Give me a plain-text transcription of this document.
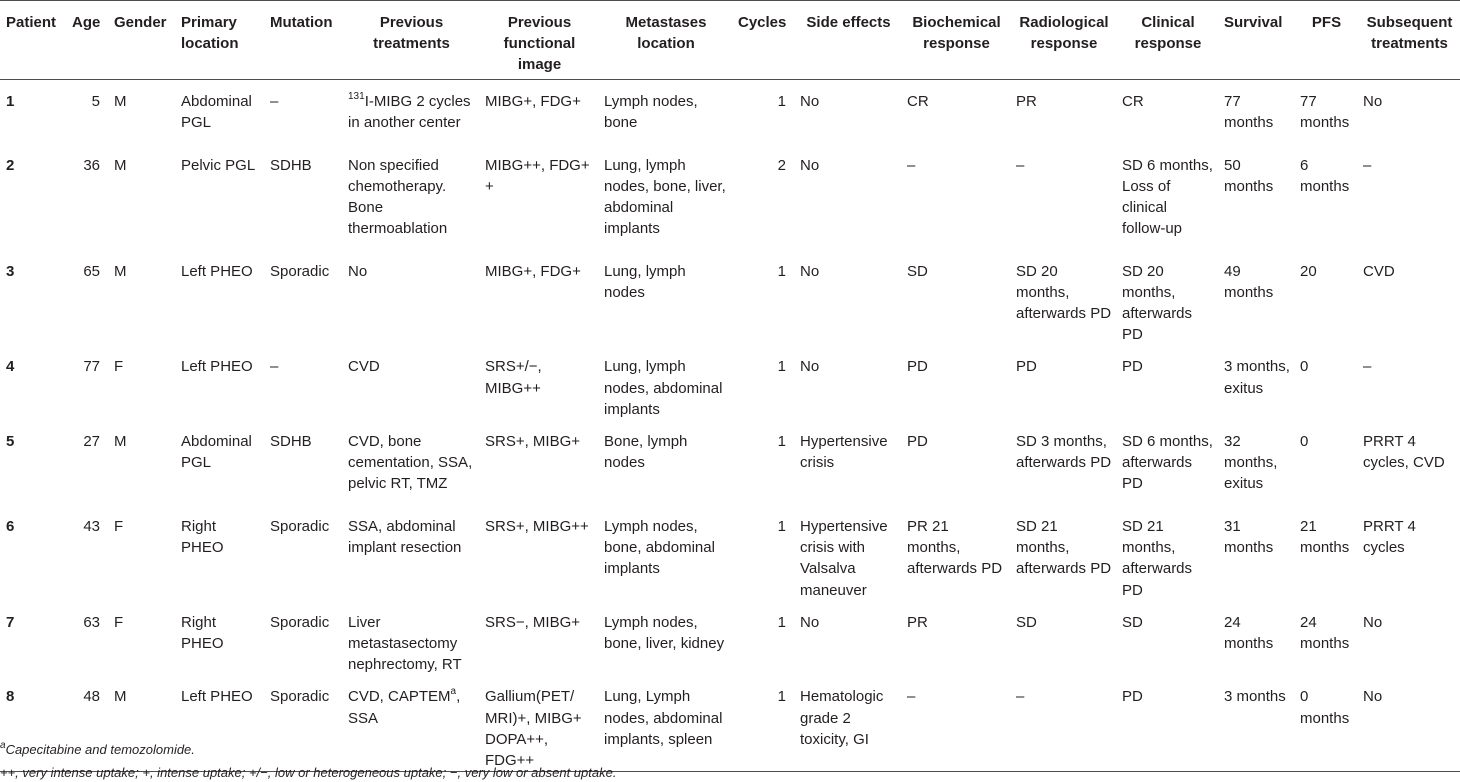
Patient	Age	Gender	Primary location	Mutation	Previous treatments	Previous functional image	Metastases location	Cycles	Side effects	Biochemical response	Radiological response	Clinical response	Survival	PFS	Subsequent treatments
1	5	M	Abdominal PGL	–	$^{131}$I-MIBG 2 cycles in another center	MIBG+, FDG+	Lymph nodes, bone	1	No	CR	PR	CR	77 months	77 months	No
2	36	M	Pelvic PGL	SDHB	Non specified chemotherapy. Bone thermoablation	MIBG++, FDG+ +	Lung, lymph nodes, bone, liver, abdominal implants	2	No	–	–	SD 6 months, Loss of clinical follow-up	50 months	6 months	–
3	65	M	Left PHEO	Sporadic	No	MIBG+, FDG+	Lung, lymph nodes	1	No	SD	SD 20 months, afterwards PD	SD 20 months, afterwards PD	49 months	20	CVD
4	77	F	Left PHEO	–	CVD	SRS+/−, MIBG++	Lung, lymph nodes, abdominal implants	1	No	PD	PD	PD	3 months, exitus	0	–
5	27	M	Abdominal PGL	SDHB	CVD, bone cementation, SSA, pelvic RT, TMZ	SRS+, MIBG+	Bone, lymph nodes	1	Hypertensive crisis	PD	SD 3 months, afterwards PD	SD 6 months, afterwards PD	32 months, exitus	0	PRRT 4 cycles, CVD
6	43	F	Right PHEO	Sporadic	SSA, abdominal implant resection	SRS+, MIBG++	Lymph nodes, bone, abdominal implants	1	Hypertensive crisis with Valsalva maneuver	PR 21 months, afterwards PD	SD 21 months, afterwards PD	SD 21 months, afterwards PD	31 months	21 months	PRRT 4 cycles
7	63	F	Right PHEO	Sporadic	Liver metastasectomy nephrectomy, RT	SRS−, MIBG+	Lymph nodes, bone, liver, kidney	1	No	PR	SD	SD	24 months	24 months	No
8	48	M	Left PHEO	Sporadic	CVD, CAPTEM$^a$, SSA	Gallium(PET/ MRI)+, MIBG+ DOPA++, FDG++	Lung, Lymph nodes, abdominal implants, spleen	1	Hematologic grade 2 toxicity, GI	–	–	PD	3 months	0 months	No
$^a$Capecitabine and temozolomide.
++, very intense uptake; +, intense uptake; +/−, low or heterogeneous uptake; −, very low or absent uptake.
